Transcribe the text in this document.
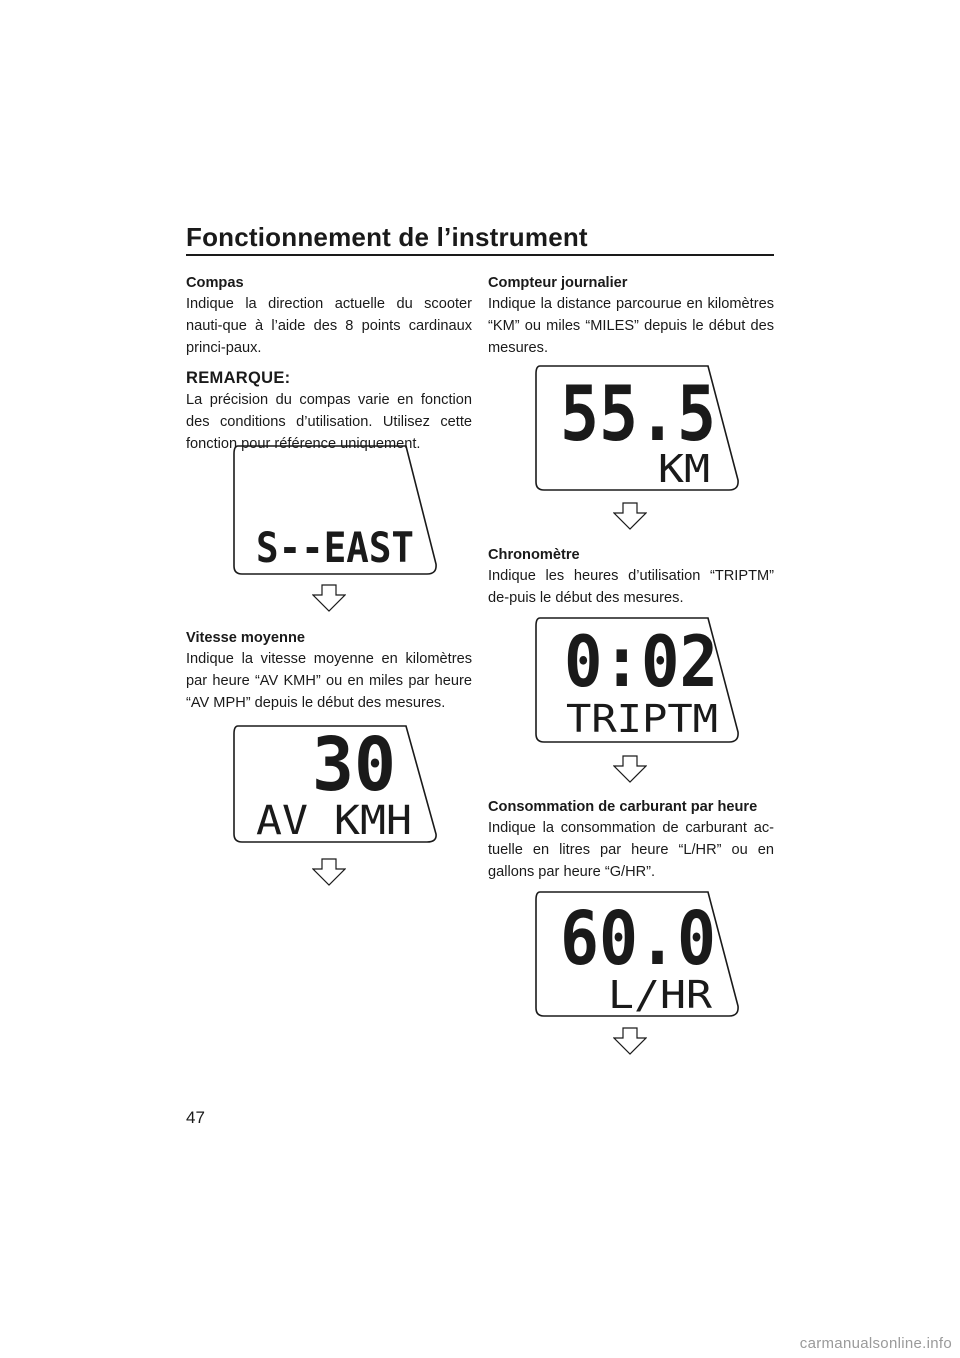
Fonctionnement de l’instrument
Compas
Indique la direction actuelle du scooter nauti-que à l’aide des 8 points cardinaux princi-paux.
REMARQUE:
La précision du compas varie en fonction des conditions d’utilisation. Utilisez cette fonction pour référence uniquement.
S--EAST
Vitesse moyenne
Indique la vitesse moyenne en kilomètres par heure “AV KMH” ou en miles par heure “AV MPH” depuis le début des mesures.
30
AV KMH
Compteur journalier
Indique la distance parcourue en kilomètres “KM” ou miles “MILES” depuis le début des mesures.
55.5
KM
Chronomètre
Indique les heures d’utilisation “TRIPTM” de-puis le début des mesures.
0:02
TRIPTM
Consommation de carburant par heure
Indique la consommation de carburant ac-tuelle en litres par heure “L/HR” ou en gallons par heure “G/HR”.
60.0
L/HR
47
carmanualsonline.info
